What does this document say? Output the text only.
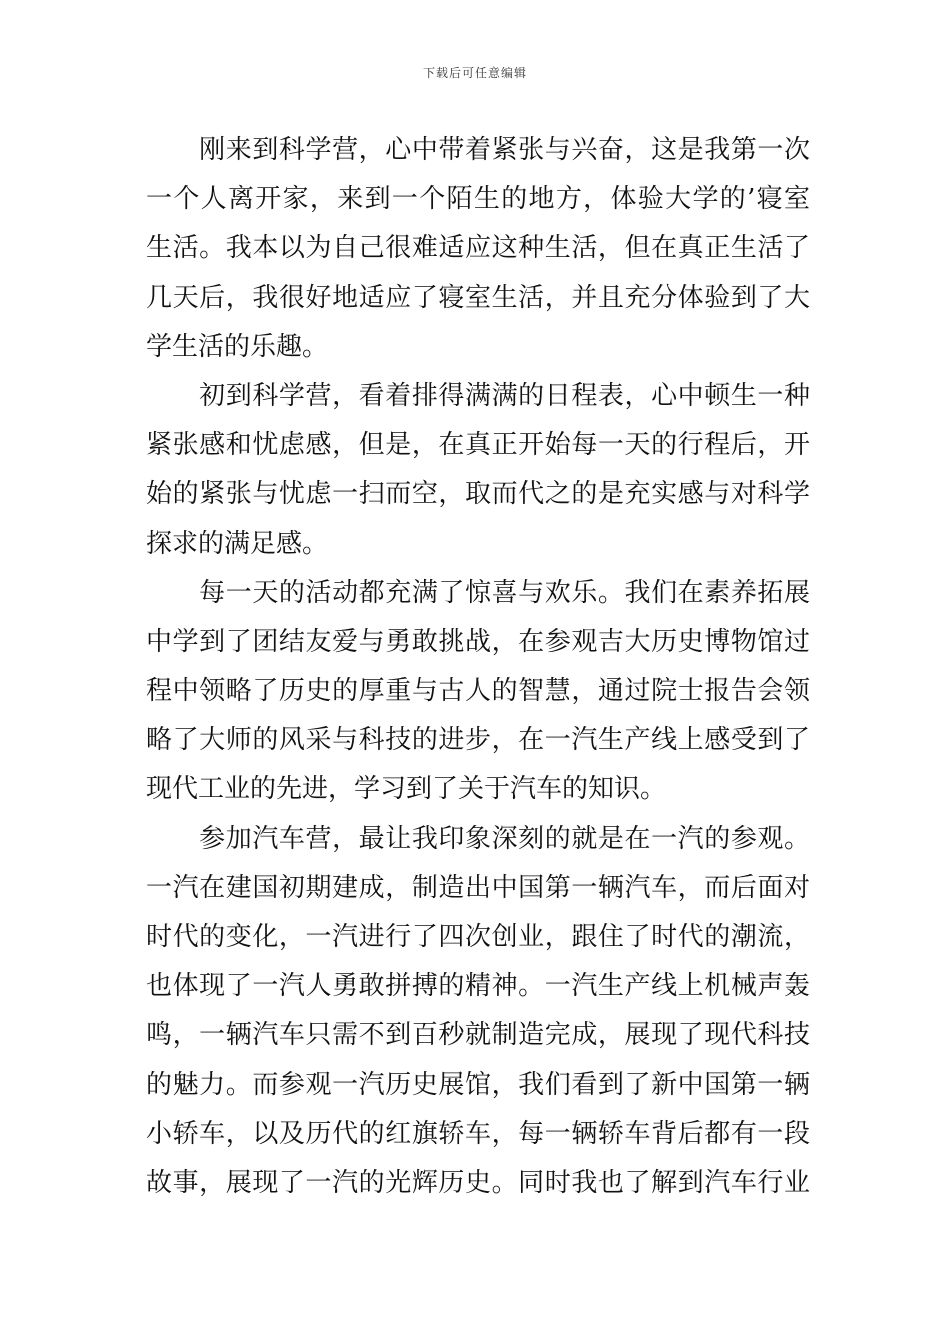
下载后可任意编辑
　　刚来到科学营，心中带着紧张与兴奋，这是我第一次
一个人离开家，来到一个陌生的地方，体验大学的’寝室
生活。我本以为自己很难适应这种生活，但在真正生活了
几天后，我很好地适应了寝室生活，并且充分体验到了大
学生活的乐趣。
　　初到科学营，看着排得满满的日程表，心中顿生一种
紧张感和忧虑感，但是，在真正开始每一天的行程后，开
始的紧张与忧虑一扫而空，取而代之的是充实感与对科学
探求的满足感。
　　每一天的活动都充满了惊喜与欢乐。我们在素养拓展
中学到了团结友爱与勇敢挑战，在参观吉大历史博物馆过
程中领略了历史的厚重与古人的智慧，通过院士报告会领
略了大师的风采与科技的进步，在一汽生产线上感受到了
现代工业的先进，学习到了关于汽车的知识。
　　参加汽车营，最让我印象深刻的就是在一汽的参观。
一汽在建国初期建成，制造出中国第一辆汽车，而后面对
时代的变化，一汽进行了四次创业，跟住了时代的潮流，
也体现了一汽人勇敢拼搏的精神。一汽生产线上机械声轰
鸣，一辆汽车只需不到百秒就制造完成，展现了现代科技
的魅力。而参观一汽历史展馆，我们看到了新中国第一辆
小轿车，以及历代的红旗轿车，每一辆轿车背后都有一段
故事，展现了一汽的光辉历史。同时我也了解到汽车行业
